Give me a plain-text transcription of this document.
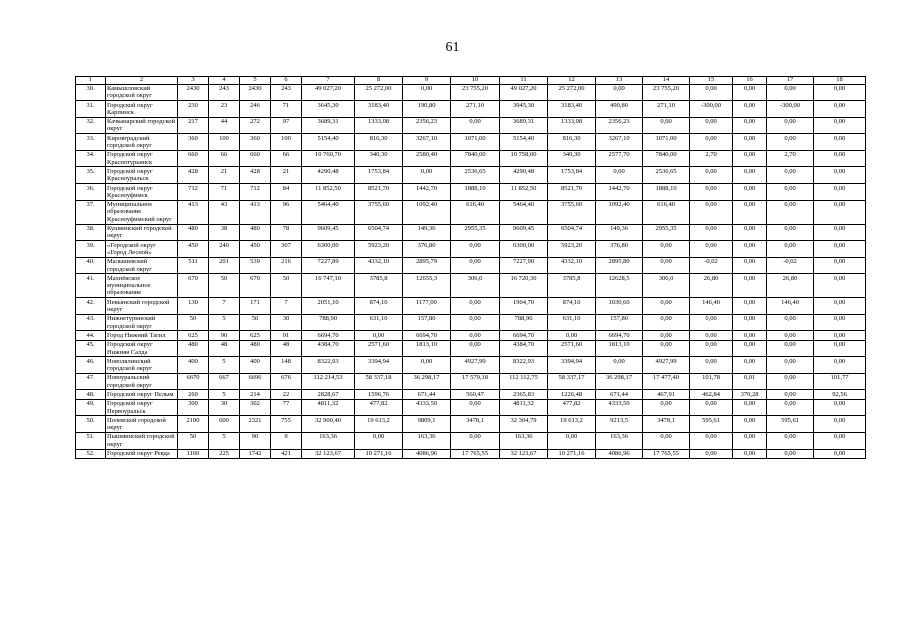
61
1	2	3	4	5	6	7	8	9	10	11	12	13	14	15	16	17	18
30.	Камышловский городской округ	2430	243	2430	243	49 027,20	25 272,00	0,00	23 755,20	49 027,20	25 272,00	0,00	23 755,20	0,00	0,00	0,00	0,00
31.	Городской округ Карпинск	230	23	246	71	3645,30	3183,40	190,80	271,10	3945,30	3183,40	490,80	271,10	-300,00	0,00	-300,00	0,00
32.	Качканарский городской округ	217	44	272	97	3689,31	1333,08	2356,23	0,00	3689,31	1333,08	2356,23	0,00	0,00	0,00	0,00	0,00
33.	Кировградский городской округ	360	100	360	100	5154,40	816,30	3267,10	1071,00	5154,40	816,30	3267,10	1071,00	0,00	0,00	0,00	0,00
34.	Городской округ Краснотурьинск	660	66	660	66	10 760,70	340,30	2580,40	7840,00	10 758,00	340,30	2577,70	7840,00	2,70	0,00	2,70	0,00
35.	Городской округ Красноуральск	428	21	428	21	4290,48	1753,84	0,00	2536,65	4290,48	1753,84	0,00	2536,65	0,00	0,00	0,00	0,00
36.	Городской округ Красноуфимск	712	71	712	84	11 852,50	8521,70	1442,70	1888,10	11 852,50	8521,70	1442,70	1888,10	0,00	0,00	0,00	0,00
37.	Муниципальное образование Красноуфимский округ	413	43	413	96	5464,40	3755,60	1092,40	616,40	5464,40	3755,60	1092,40	616,40	0,00	0,00	0,00	0,00
38.	Кушвинский городской округ	480	38	480	78	9609,45	6504,74	149,36	2955,35	9609,45	6504,74	149,36	2955,35	0,00	0,00	0,00	0,00
39.	«Городской округ «Город Лесной»	450	240	450	307	6300,00	5923,20	376,80	0,00	6300,00	5923,20	376,80	0,00	0,00	0,00	0,00	0,00
40.	Малышевский городской округ	511	201	539	216	7227,89	4332,10	2895,79	0,00	7227,90	4332,10	2895,80	0,00	-0,02	0,00	-0,02	0,00
41.	Махнёвское муниципальное образование	670	50	670	50	16 747,10	3785,8	12655,3	306,0	16 720,30	3785,8	12628,5	306,0	26,80	0,00	26,80	0,00
42.	Невьянский городской округ	130	7	171	7	2051,10	874,10	1177,00	0,00	1904,70	874,10	1030,60	0,00	146,40	0,00	146,40	0,00
43.	Нижнетуринский городской округ	50	5	50	30	788,90	631,10	157,80	0,00	788,90	631,10	157,80	0,00	0,00	0,00	0,00	0,00
44.	Город Нижний Тагил	625	90	625	91	6694,70	0,00	6694,70	0,00	6694,70	0,00	6694,70	0,00	0,00	0,00	0,00	0,00
45.	Городской округ Нижняя Салда	480	48	480	48	4384,70	2571,60	1813,10	0,00	4384,70	2571,60	1813,10	0,00	0,00	0,00	0,00	0,00
46.	Новолялинский городской округ	400	5	400	148	8322,93	3394,94	0,00	4927,99	8322,93	3394,94	0,00	4927,99	0,00	0,00	0,00	0,00
47.	Новоуральский городской округ	6670	667	6696	676	112 214,53	58 337,18	36 298,17	17 579,18	112 112,75	58 337,17	36 298,17	17 477,40	101,78	0,01	0,00	101,77
48.	Городской округ Пелым	260	5	214	22	2828,67	1596,76	671,44	560,47	2365,83	1226,48	671,44	467,91	462,84	370,28	0,00	92,56
49.	Городской округ Первоуральск	300	30	302	77	4811,32	477,82	4333,50	0,00	4811,32	477,82	4333,50	0,00	0,00	0,00	0,00	0,00
50.	Полевской городской округ	2100	600	2321	755	32 900,40	19 613,2	9809,1	3478,1	32 304,79	19 613,2	9213,5	3478,1	595,61	0,00	595,61	0,00
51.	Пышминский городской округ	50	5	90	9	163,36	0,00	163,36	0,00	163,36	0,00	163,36	0,00	0,00	0,00	0,00	0,00
52.	Городской округ Ревда	1160	225	1742	421	32 123,67	10 271,16	4086,96	17 765,55	32 123,67	10 271,16	4086,96	17 765,55	0,00	0,00	0,00	0,00
